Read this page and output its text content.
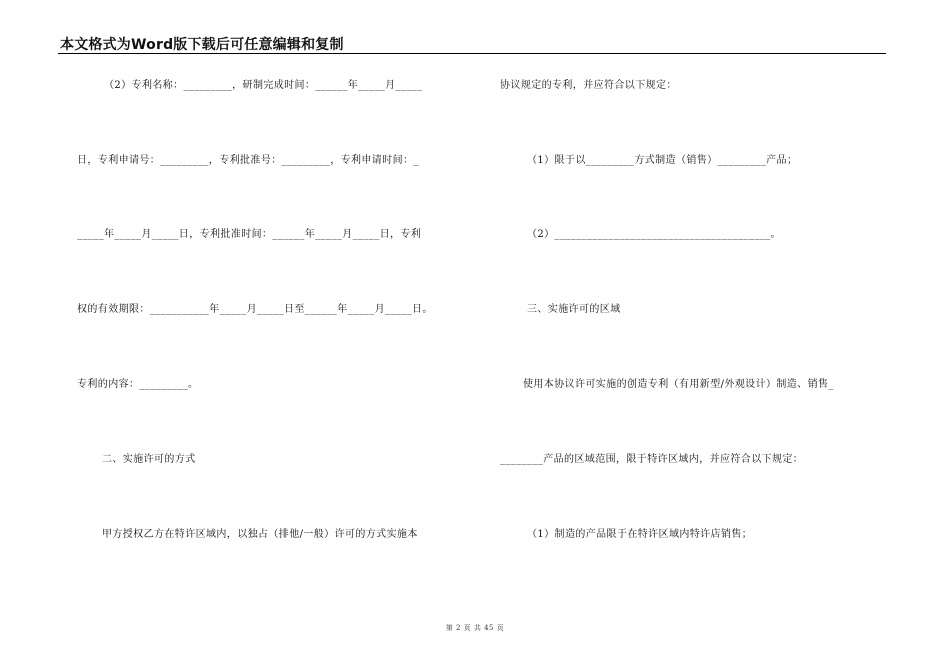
本文格式为Word版下载后可任意编辑和复制
（2）专利名称：_________，研制完成时间：______年_____月_____
日，专利申请号：_________，专利批准号：_________，专利申请时间：_
_____年_____月_____日，专利批准时间：______年_____月_____日，专利
权的有效期限：___________年_____月_____日至______年_____月_____日。
专利的内容：_________。
二、实施许可的方式
甲方授权乙方在特许区域内，以独占（排他/一般）许可的方式实施本
协议规定的专利，并应符合以下规定：
（1）限于以_________方式制造（销售）_________产品；
（2）________________________________________。
三、实施许可的区域
使用本协议许可实施的创造专利（有用新型/外观设计）制造、销售_
________产品的区域范围，限于特许区域内，并应符合以下规定：
（1）制造的产品限于在特许区域内特许店销售；
第 2 页 共 45 页
